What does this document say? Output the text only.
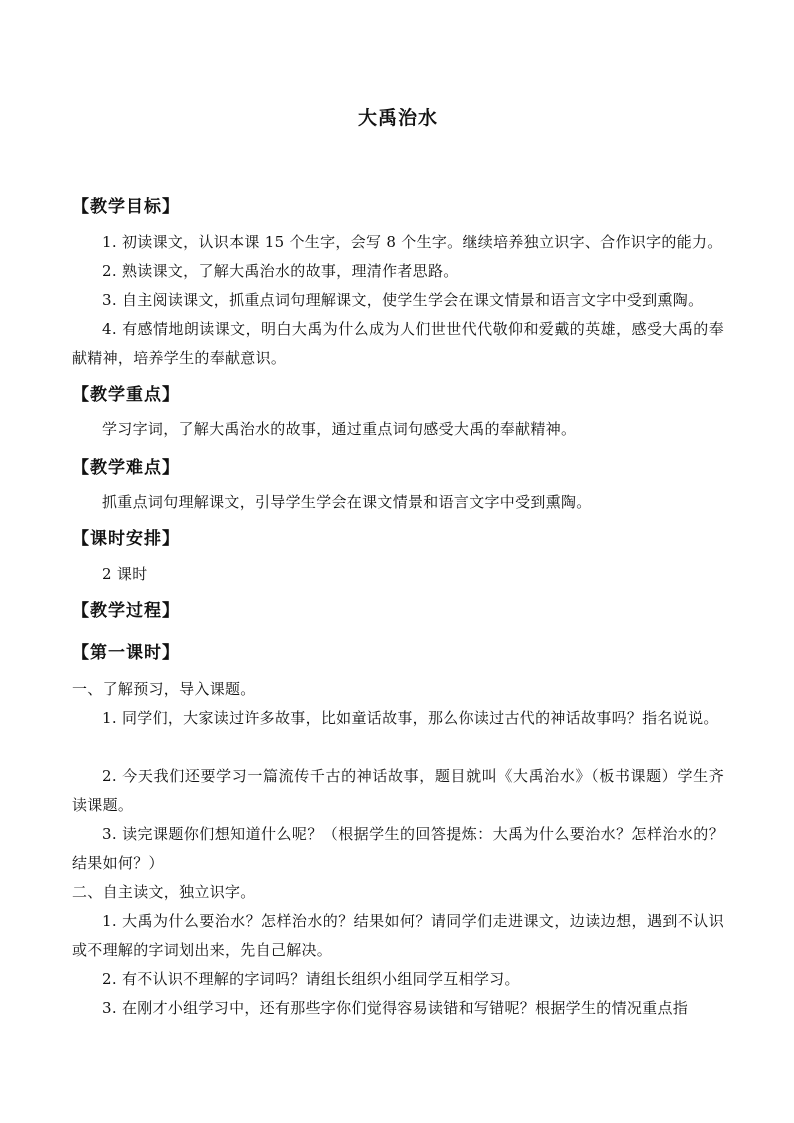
大禹治水
【教学目标】
1. 初读课文，认识本课 15 个生字，会写 8 个生字。继续培养独立识字、合作识字的能力。
2. 熟读课文，了解大禹治水的故事，理清作者思路。
3. 自主阅读课文，抓重点词句理解课文，使学生学会在课文情景和语言文字中受到熏陶。
4. 有感情地朗读课文，明白大禹为什么成为人们世世代代敬仰和爱戴的英雄，感受大禹的奉献精神，培养学生的奉献意识。
【教学重点】
学习字词，了解大禹治水的故事，通过重点词句感受大禹的奉献精神。
【教学难点】
抓重点词句理解课文，引导学生学会在课文情景和语言文字中受到熏陶。
【课时安排】
2 课时
【教学过程】
【第一课时】
一、了解预习，导入课题。
1. 同学们，大家读过许多故事，比如童话故事，那么你读过古代的神话故事吗？指名说说。
2. 今天我们还要学习一篇流传千古的神话故事，题目就叫《大禹治水》（板书课题）学生齐读课题。
3. 读完课题你们想知道什么呢？（根据学生的回答提炼：大禹为什么要治水？怎样治水的？结果如何？）
二、自主读文，独立识字。
1. 大禹为什么要治水？怎样治水的？结果如何？请同学们走进课文，边读边想，遇到不认识或不理解的字词划出来，先自己解决。
2. 有不认识不理解的字词吗？请组长组织小组同学互相学习。
3. 在刚才小组学习中，还有那些字你们觉得容易读错和写错呢？根据学生的情况重点指
